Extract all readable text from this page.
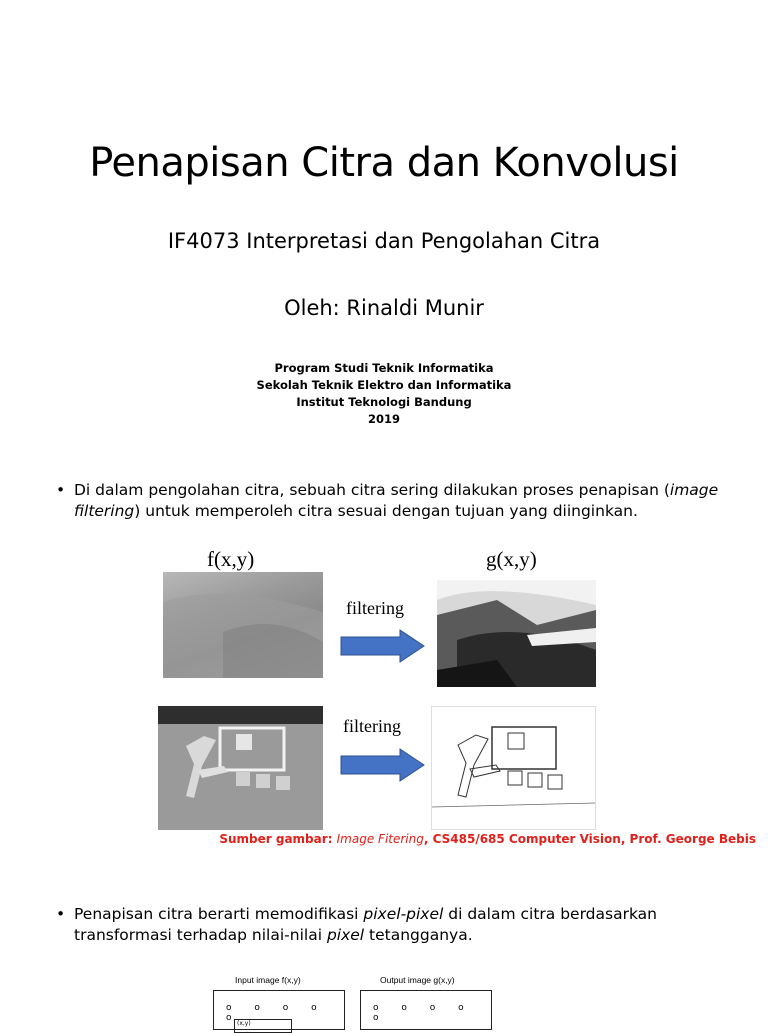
Penapisan Citra dan Konvolusi
IF4073 Interpretasi dan Pengolahan Citra
Oleh: Rinaldi Munir
Program Studi Teknik Informatika
Sekolah Teknik Elektro dan Informatika
Institut Teknologi Bandung
2019
• Di dalam pengolahan citra, sebuah citra sering dilakukan proses penapisan (image filtering) untuk memperoleh citra sesuai dengan tujuan yang diinginkan.
f(x,y)	g(x,y)
filtering
filtering
Sumber gambar: Image Fitering, CS485/685 Computer Vision, Prof. George Bebis
• Penapisan citra berarti memodifikasi pixel-pixel di dalam citra berdasarkan transformasi terhadap nilai-nilai pixel tetangganya.
Input image f(x,y)	Output image g(x,y)
o o o o o
(x,y)
o o o o o
